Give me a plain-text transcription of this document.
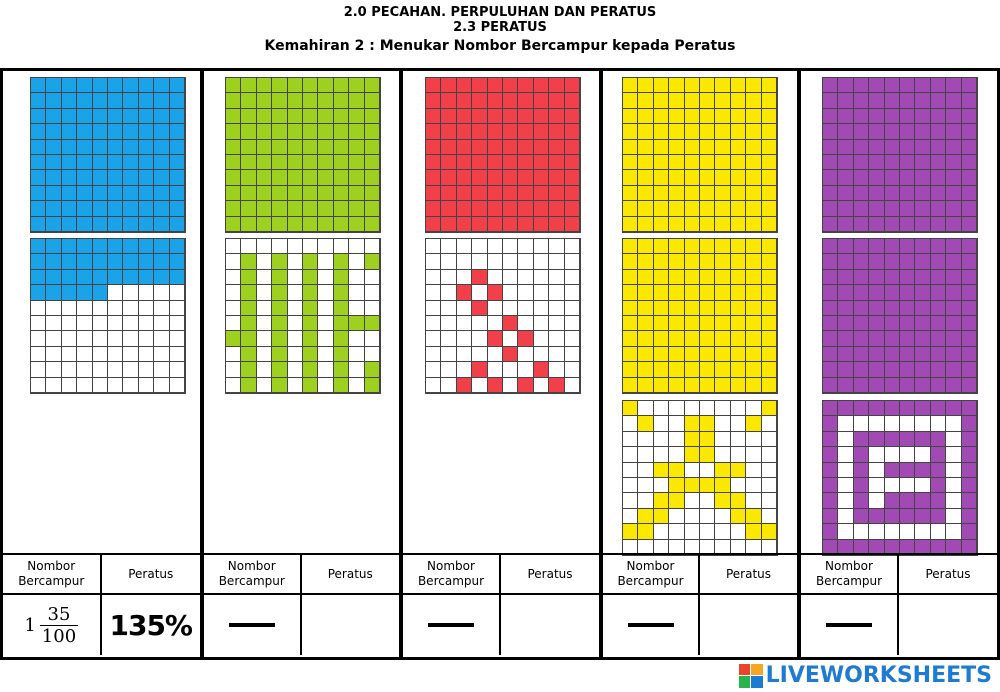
2.0 PECAHAN. PERPULUHAN DAN PERATUS
2.3 PERATUS
Kemahiran 2 : Menukar Nombor Bercampur kepada Peratus
Nombor Bercampur
Peratus
$1 \frac{35}{100} 135\%$
Nombor Bercampur
Peratus
Nombor Bercampur
Peratus
Nombor Bercampur
Peratus
Nombor Bercampur
Peratus
LIVEWORKSHEETS
